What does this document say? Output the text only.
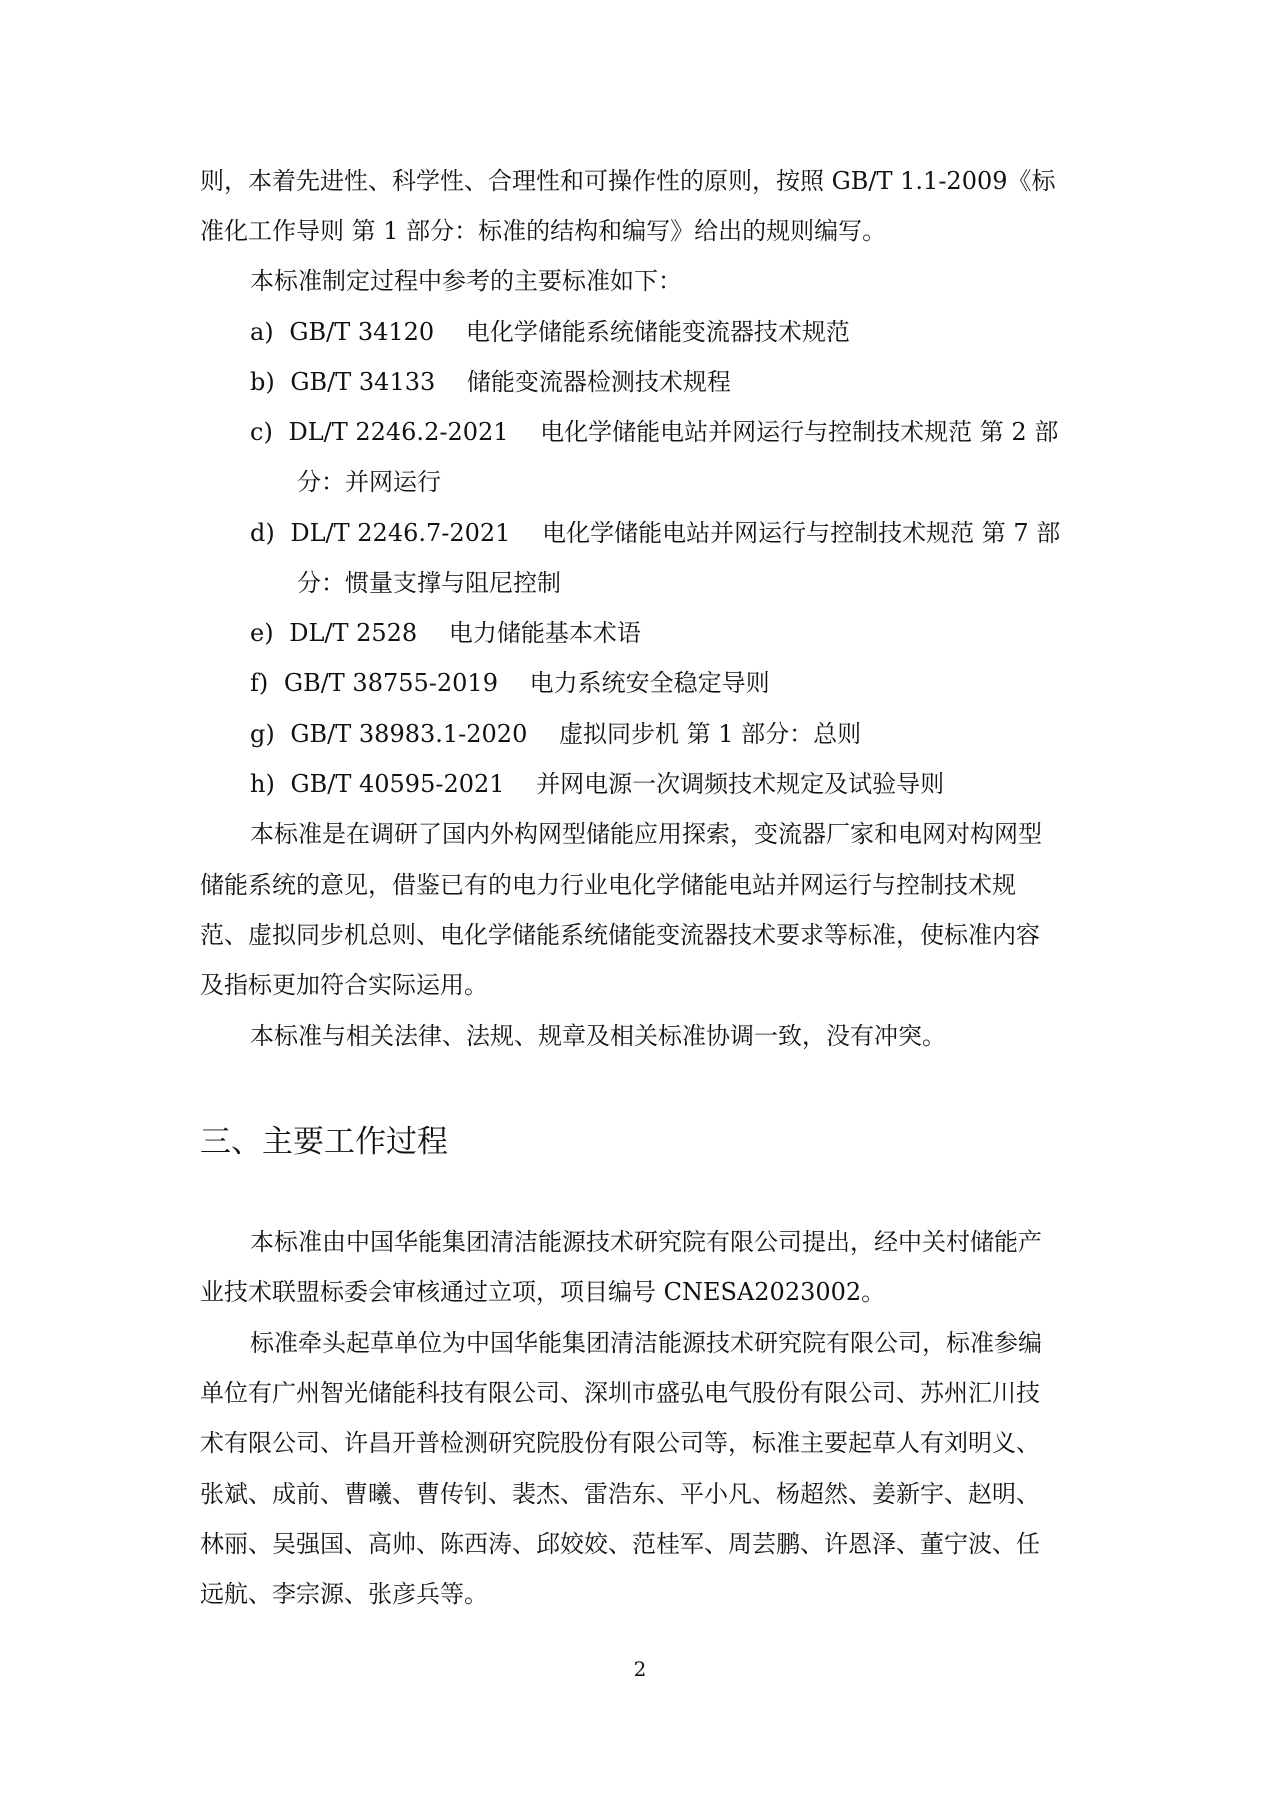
则，本着先进性、科学性、合理性和可操作性的原则，按照 GB/T 1.1-2009《标
准化工作导则 第 1 部分：标准的结构和编写》给出的规则编写。
本标准制定过程中参考的主要标准如下：
a) GB/T 34120 电化学储能系统储能变流器技术规范
b) GB/T 34133 储能变流器检测技术规程
c) DL/T 2246.2-2021 电化学储能电站并网运行与控制技术规范 第 2 部
分：并网运行
d) DL/T 2246.7-2021 电化学储能电站并网运行与控制技术规范 第 7 部
分：惯量支撑与阻尼控制
e) DL/T 2528 电力储能基本术语
f) GB/T 38755-2019 电力系统安全稳定导则
g) GB/T 38983.1-2020 虚拟同步机 第 1 部分：总则
h) GB/T 40595-2021 并网电源一次调频技术规定及试验导则
本标准是在调研了国内外构网型储能应用探索，变流器厂家和电网对构网型
储能系统的意见，借鉴已有的电力行业电化学储能电站并网运行与控制技术规
范、虚拟同步机总则、电化学储能系统储能变流器技术要求等标准，使标准内容
及指标更加符合实际运用。
本标准与相关法律、法规、规章及相关标准协调一致，没有冲突。
三、主要工作过程
本标准由中国华能集团清洁能源技术研究院有限公司提出，经中关村储能产
业技术联盟标委会审核通过立项，项目编号 CNESA2023002。
标准牵头起草单位为中国华能集团清洁能源技术研究院有限公司，标准参编
单位有广州智光储能科技有限公司、深圳市盛弘电气股份有限公司、苏州汇川技
术有限公司、许昌开普检测研究院股份有限公司等，标准主要起草人有刘明义、
张斌、成前、曹曦、曹传钊、裴杰、雷浩东、平小凡、杨超然、姜新宇、赵明、
林丽、吴强国、高帅、陈西涛、邱姣姣、范桂军、周芸鹏、许恩泽、董宁波、任
远航、李宗源、张彦兵等。
2
